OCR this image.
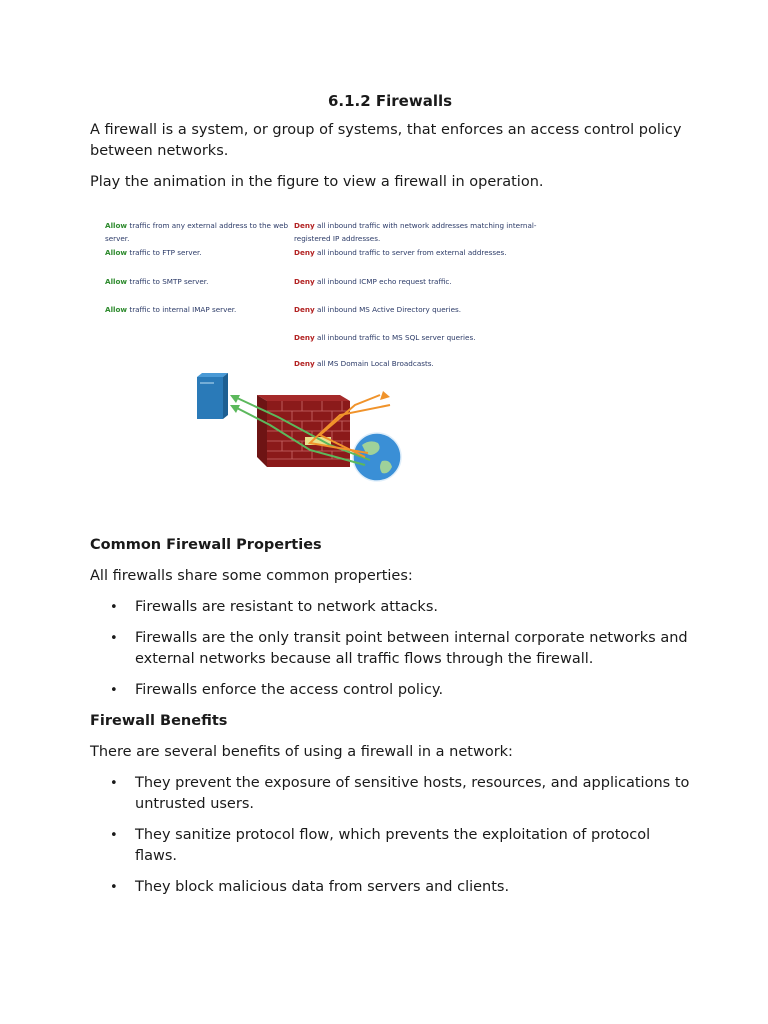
6.1.2 Firewalls

A firewall is a system, or group of systems, that enforces an access control policy between networks.

Play the animation in the figure to view a firewall in operation.

Allow traffic from any external address to the web
server.
Allow traffic to FTP server.
Allow traffic to SMTP server.
Allow traffic to internal IMAP server.
Deny all inbound traffic with network addresses matching internal-
registered IP addresses.
Deny all inbound traffic to server from external addresses.
Deny all inbound ICMP echo request traffic.
Deny all inbound MS Active Directory queries.
Deny all inbound traffic to MS SQL server queries.
Deny all MS Domain Local Broadcasts.
Common Firewall Properties

All firewalls share some common properties:

• Firewalls are resistant to network attacks.
• Firewalls are the only transit point between internal corporate networks and external networks because all traffic flows through the firewall.
• Firewalls enforce the access control policy.
Firewall Benefits

There are several benefits of using a firewall in a network:

• They prevent the exposure of sensitive hosts, resources, and applications to untrusted users.
• They sanitize protocol flow, which prevents the exploitation of protocol flaws.
• They block malicious data from servers and clients.
